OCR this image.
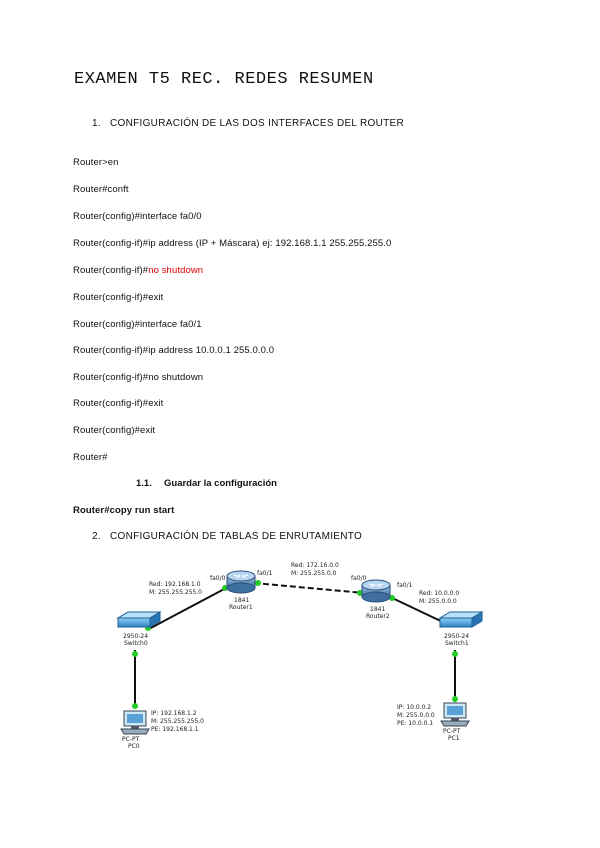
EXAMEN T5 REC. REDES RESUMEN
1. CONFIGURACIÓN DE LAS DOS INTERFACES DEL ROUTER
Router>en
Router#conft
Router(config)#interface fa0/0
Router(config-if)#ip address (IP + Máscara) ej: 192.168.1.1 255.255.255.0
Router(config-if)#no shutdown
Router(config-if)#exit
Router(config)#interface fa0/1
Router(config-if)#ip address 10.0.0.1 255.0.0.0
Router(config-if)#no shutdown
Router(config-if)#exit
Router(config)#exit
Router#
1.1. Guardar la configuración
Router#copy run start
2. CONFIGURACIÓN DE TABLAS DE ENRUTAMIENTO
Red: 192.168.1.0
M: 255.255.255.0
Red: 172.16.0.0
M: 255.255.0.0
Red: 10.0.0.0
M: 255.0.0.0
fa0/0
fa0/1
fa0/0
fa0/1
1841
Router1	1841
Router2
2950-24
Switch0
2950-24
Switch1
IP: 192.168.1.2
M: 255.255.255.0
PE: 192.168.1.1
PC-PT
PC0
IP: 10.0.0.2
M: 255.0.0.0
PE: 10.0.0.1
PC-PT
PC1
